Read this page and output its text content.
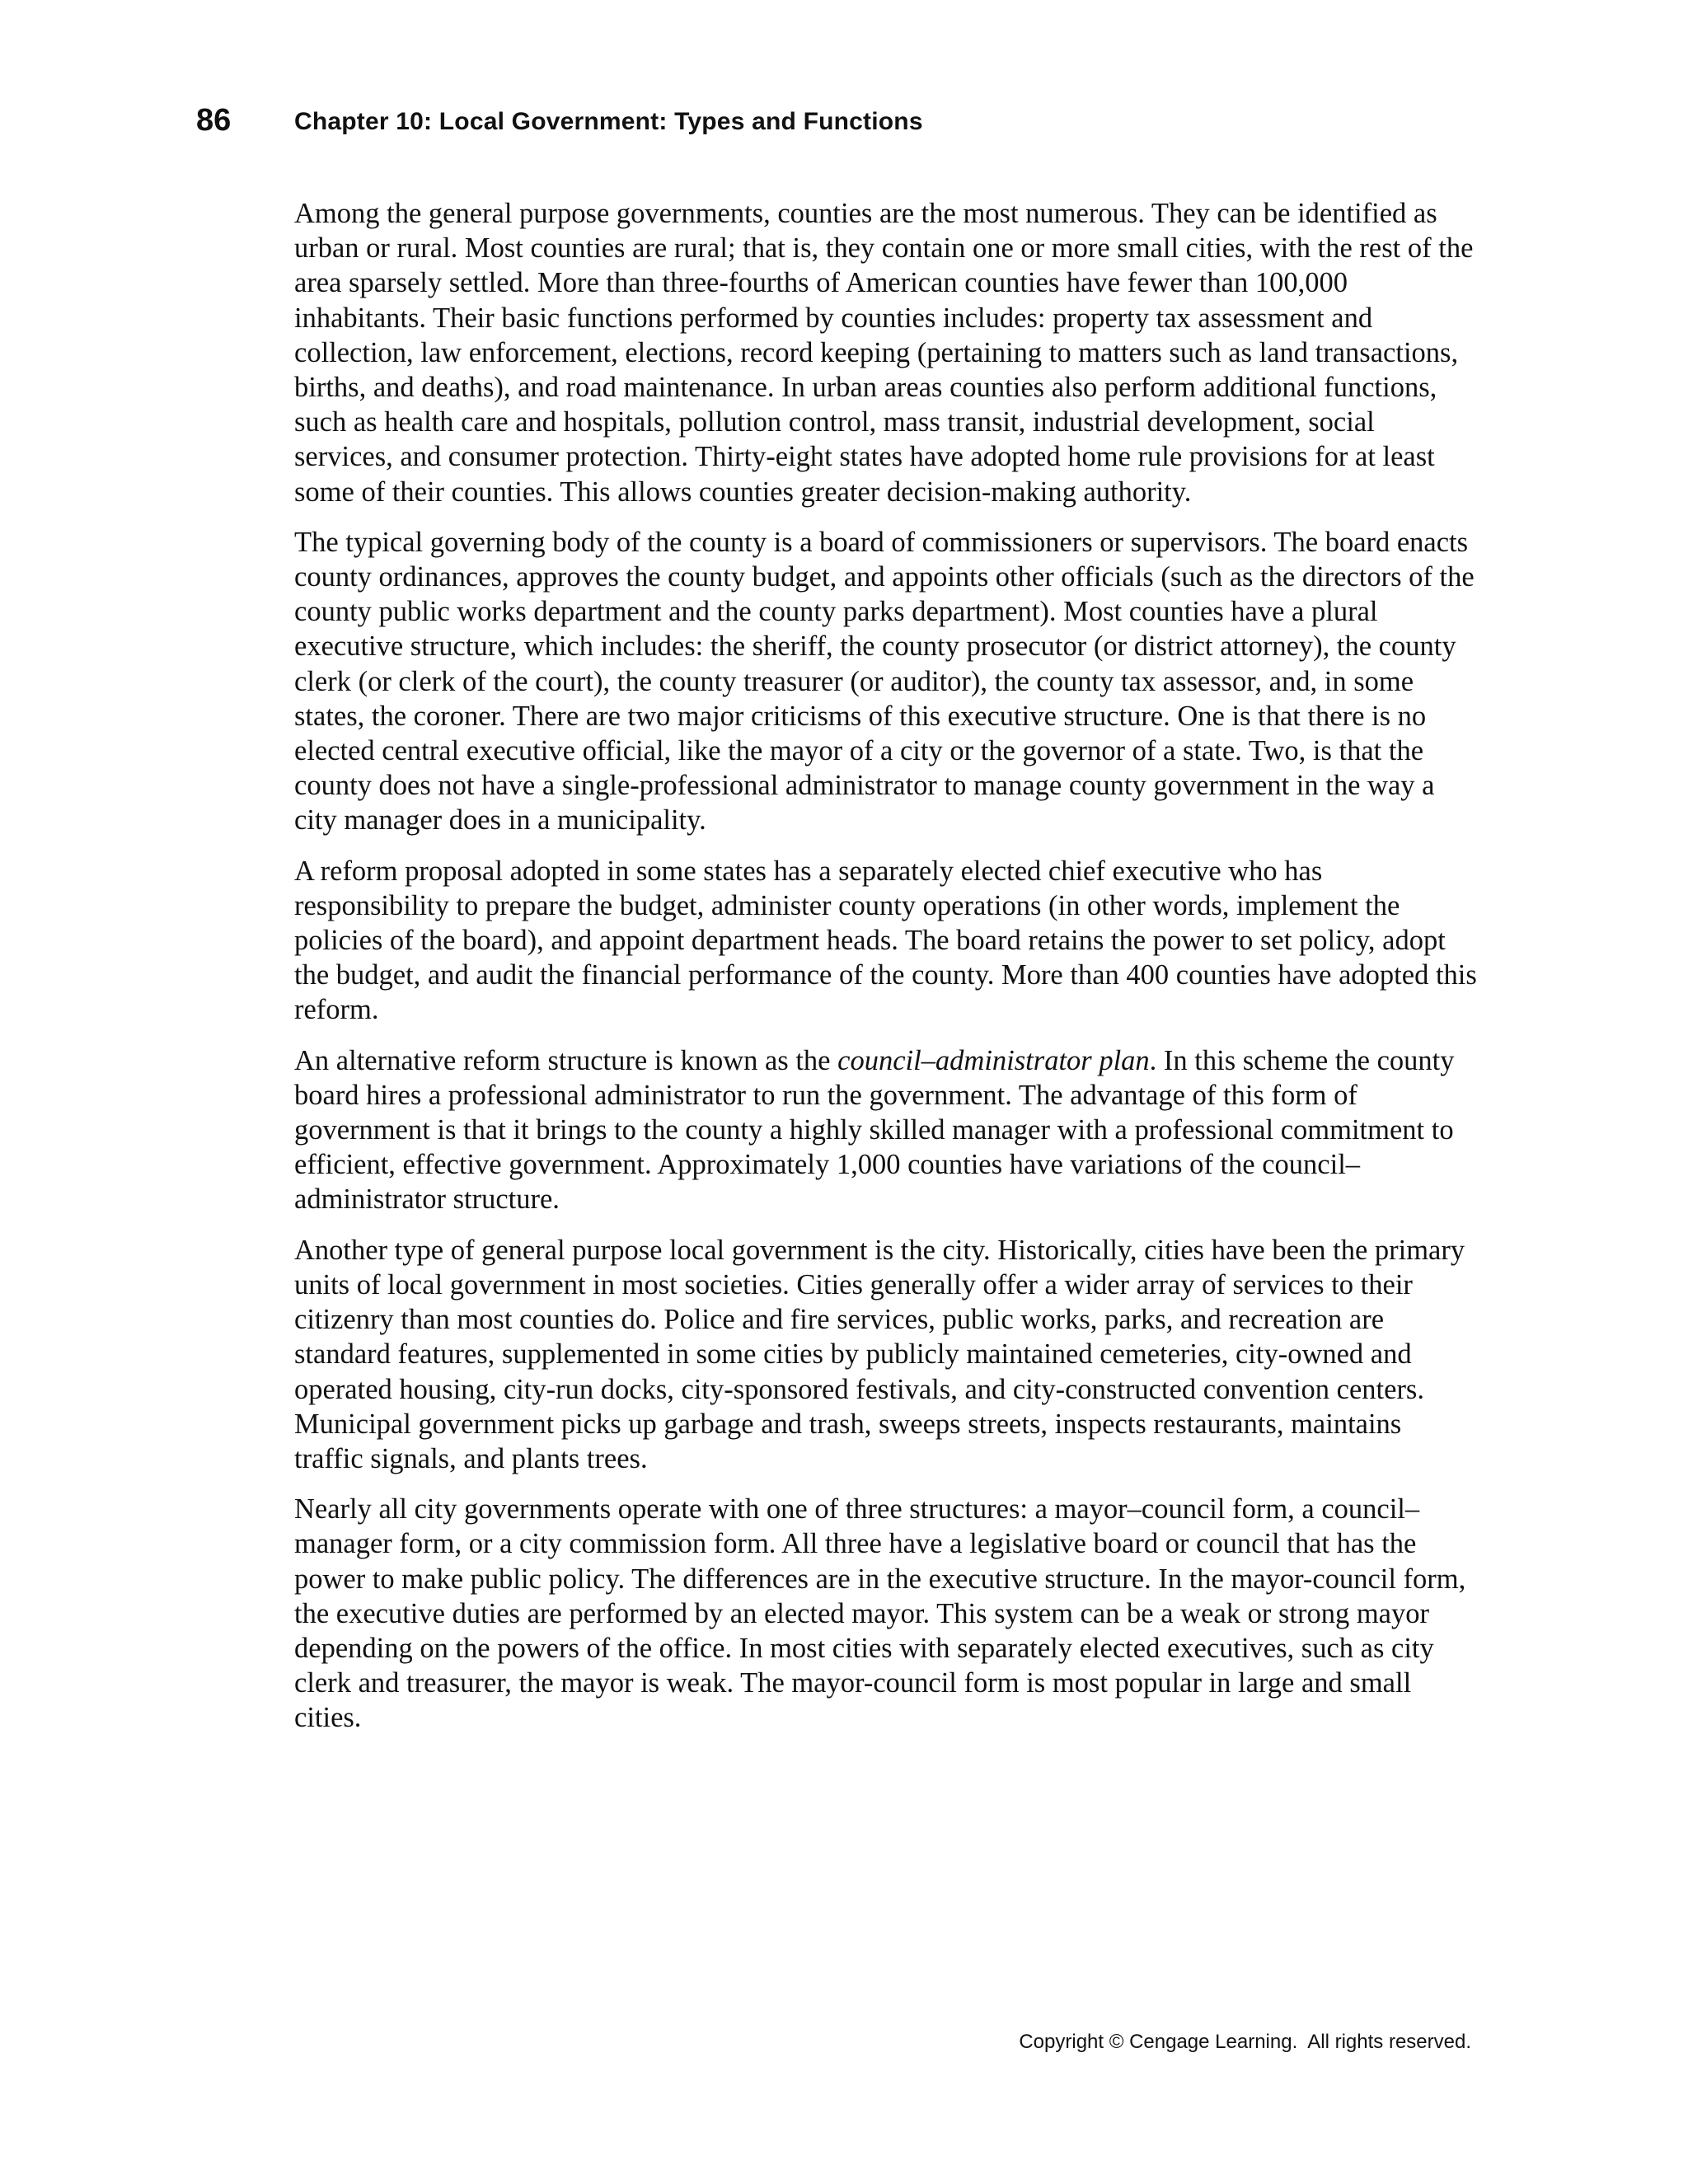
86	Chapter 10: Local Government: Types and Functions

Among the general purpose governments, counties are the most numerous. They can be identified as urban or rural. Most counties are rural; that is, they contain one or more small cities, with the rest of the area sparsely settled. More than three-fourths of American counties have fewer than 100,000 inhabitants. Their basic functions performed by counties includes: property tax assessment and collection, law enforcement, elections, record keeping (pertaining to matters such as land transactions, births, and deaths), and road maintenance. In urban areas counties also perform additional functions, such as health care and hospitals, pollution control, mass transit, industrial development, social services, and consumer protection. Thirty-eight states have adopted home rule provisions for at least some of their counties. This allows counties greater decision-making authority.

The typical governing body of the county is a board of commissioners or supervisors. The board enacts county ordinances, approves the county budget, and appoints other officials (such as the directors of the county public works department and the county parks department). Most counties have a plural executive structure, which includes: the sheriff, the county prosecutor (or district attorney), the county clerk (or clerk of the court), the county treasurer (or auditor), the county tax assessor, and, in some states, the coroner. There are two major criticisms of this executive structure. One is that there is no elected central executive official, like the mayor of a city or the governor of a state. Two, is that the county does not have a single-professional administrator to manage county government in the way a city manager does in a municipality.

A reform proposal adopted in some states has a separately elected chief executive who has responsibility to prepare the budget, administer county operations (in other words, implement the policies of the board), and appoint department heads. The board retains the power to set policy, adopt the budget, and audit the financial performance of the county. More than 400 counties have adopted this reform.

An alternative reform structure is known as the council–administrator plan. In this scheme the county board hires a professional administrator to run the government. The advantage of this form of government is that it brings to the county a highly skilled manager with a professional commitment to efficient, effective government. Approximately 1,000 counties have variations of the council–administrator structure.

Another type of general purpose local government is the city. Historically, cities have been the primary units of local government in most societies. Cities generally offer a wider array of services to their citizenry than most counties do. Police and fire services, public works, parks, and recreation are standard features, supplemented in some cities by publicly maintained cemeteries, city-owned and operated housing, city-run docks, city-sponsored festivals, and city-constructed convention centers. Municipal government picks up garbage and trash, sweeps streets, inspects restaurants, maintains traffic signals, and plants trees.

Nearly all city governments operate with one of three structures: a mayor–council form, a council–manager form, or a city commission form. All three have a legislative board or council that has the power to make public policy. The differences are in the executive structure. In the mayor-council form, the executive duties are performed by an elected mayor. This system can be a weak or strong mayor depending on the powers of the office. In most cities with separately elected executives, such as city clerk and treasurer, the mayor is weak. The mayor-council form is most popular in large and small cities.

Copyright © Cengage Learning.  All rights reserved.
